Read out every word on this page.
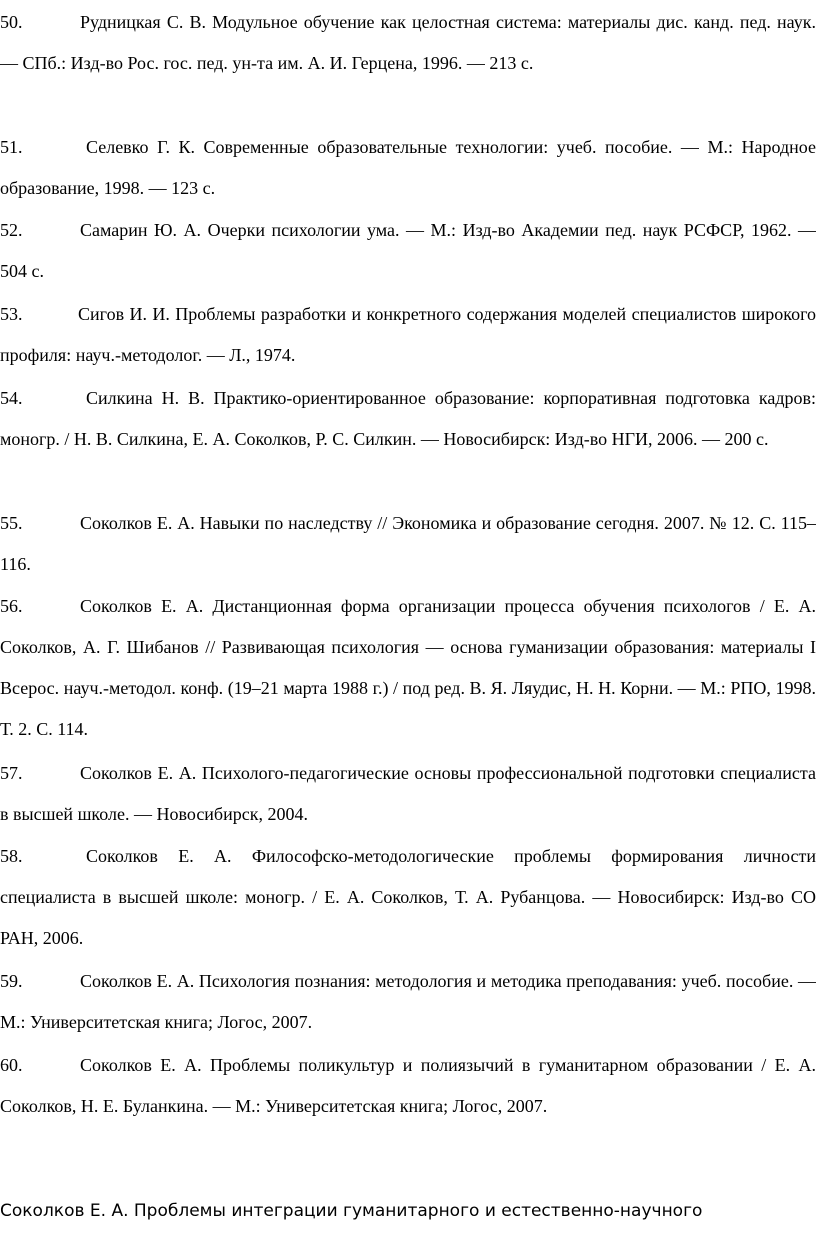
50.	Рудницкая С. В. Модульное обучение как целостная система: материалы дис. канд. пед. наук. — СПб.: Изд-во Рос. гос. пед. ун-та им. А. И. Герцена, 1996. — 213 с.
51.	Селевко Г. К. Современные образовательные технологии: учеб. пособие. — М.: Народное образование, 1998. — 123 с.
52.	Самарин Ю. А. Очерки психологии ума. — М.: Изд-во Академии пед. наук РСФСР, 1962. — 504 с.
53.	Сигов И. И. Проблемы разработки и конкретного содержания моделей специалистов широкого профиля: науч.-методолог. — Л., 1974.
54.	Силкина Н. В. Практико-ориентированное образование: корпоративная подготовка кадров: моногр. / Н. В. Силкина, Е. А. Соколков, Р. С. Силкин. — Новосибирск: Изд-во НГИ, 2006. — 200 с.
55.	Соколков Е. А. Навыки по наследству // Экономика и образование сегодня. 2007. № 12. С. 115–116.
56.	Соколков Е. А. Дистанционная форма организации процесса обучения психологов / Е. А. Соколков, А. Г. Шибанов // Развивающая психология — основа гуманизации образования: материалы I Всерос. науч.-методол. конф. (19–21 марта 1988 г.) / под ред. В. Я. Ляудис, Н. Н. Корни. — М.: РПО, 1998. Т. 2. С. 114.
57.	Соколков Е. А. Психолого-педагогические основы профессиональной подготовки специалиста в высшей школе. — Новосибирск, 2004.
58.	Соколков Е. А. Философско-методологические проблемы формирования личности специалиста в высшей школе: моногр. / Е. А. Соколков, Т. А. Рубанцова. — Новосибирск: Изд-во СО РАН, 2006.
59.	Соколков Е. А. Психология познания: методология и методика преподавания: учеб. пособие. — М.: Университетская книга; Логос, 2007.
60.	Соколков Е. А. Проблемы поликультур и полиязычий в гуманитарном образовании / Е. А. Соколков, Н. Е. Буланкина. — М.: Университетская книга; Логос, 2007.
Соколков Е. А. Проблемы интеграции гуманитарного и естественно-научного
